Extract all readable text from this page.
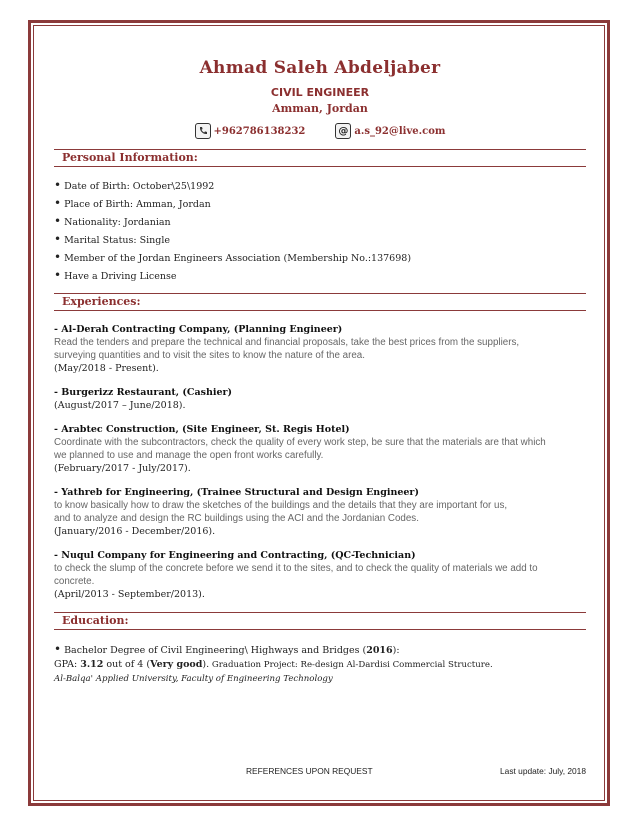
Ahmad Saleh Abdeljaber
CIVIL ENGINEER
Amman, Jordan
+962786138232	@ a.s_92@live.com
Personal Information:
• Date of Birth: October\25\1992
• Place of Birth: Amman, Jordan
• Nationality: Jordanian
• Marital Status: Single
• Member of the Jordan Engineers Association (Membership No.:137698)
• Have a Driving License
Experiences:
- Al-Derah Contracting Company, (Planning Engineer)
Read the tenders and prepare the technical and financial proposals, take the best prices from the suppliers,
surveying quantities and to visit the sites to know the nature of the area.
(May/2018 - Present).
- Burgerizz Restaurant, (Cashier)
(August/2017 – June/2018).
- Arabtec Construction, (Site Engineer, St. Regis Hotel)
Coordinate with the subcontractors, check the quality of every work step, be sure that the materials are that which
we planned to use and manage the open front works carefully.
(February/2017 - July/2017).
- Yathreb for Engineering, (Trainee Structural and Design Engineer)
to know basically how to draw the sketches of the buildings and the details that they are important for us,
and to analyze and design the RC buildings using the ACI and the Jordanian Codes.
(January/2016 - December/2016).
- Nuqul Company for Engineering and Contracting, (QC-Technician)
to check the slump of the concrete before we send it to the sites, and to check the quality of materials we add to
concrete.
(April/2013 - September/2013).
Education:
• Bachelor Degree of Civil Engineering\ Highways and Bridges (2016):
GPA: 3.12 out of 4 (Very good). Graduation Project: Re-design Al-Dardisi Commercial Structure.
Al-Balqa' Applied University, Faculty of Engineering Technology
REFERENCES UPON REQUEST	Last update: July, 2018
